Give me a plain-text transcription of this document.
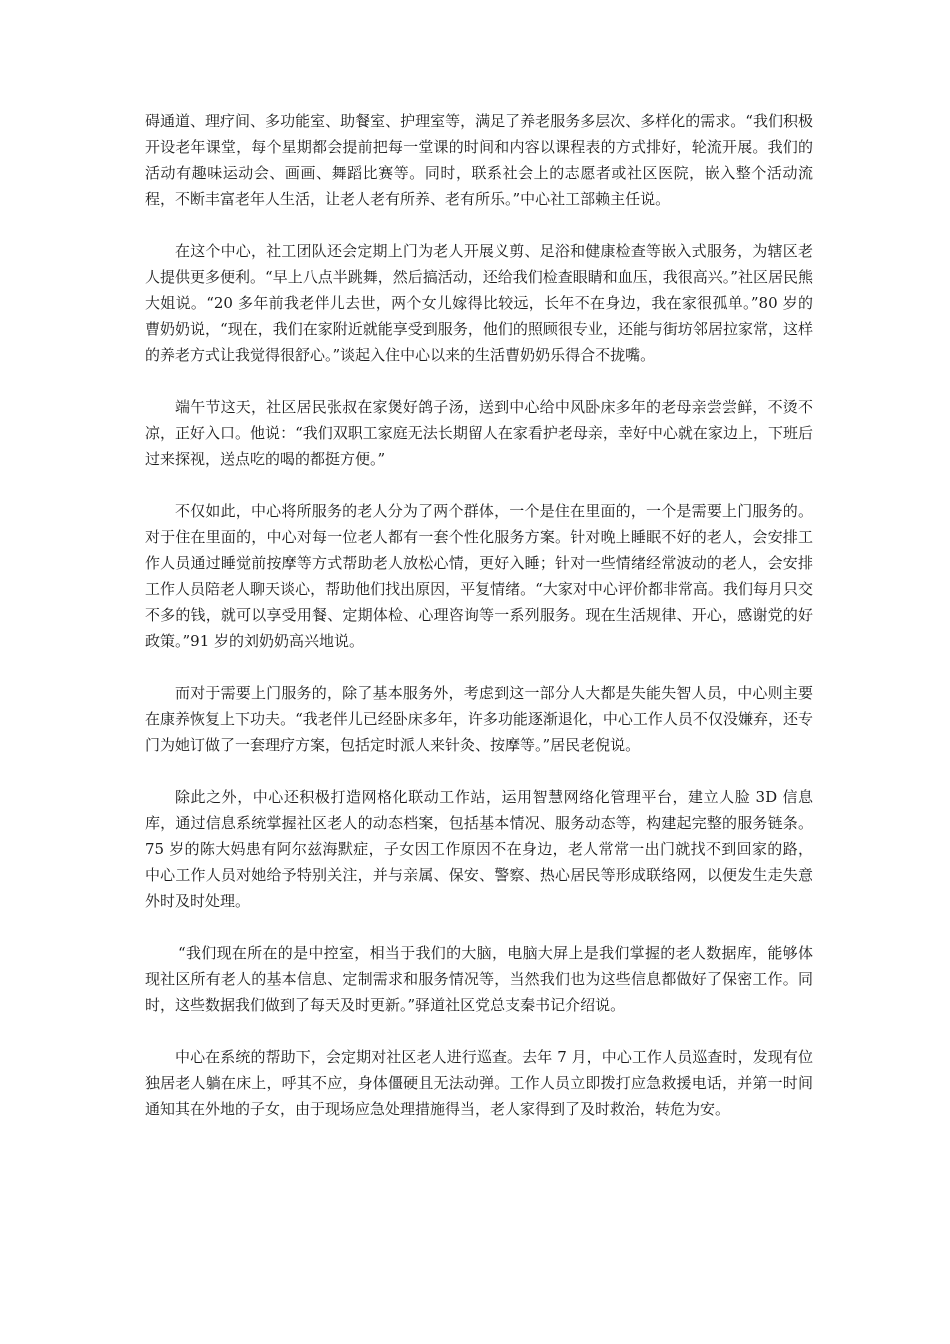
碍通道、理疗间、多功能室、助餐室、护理室等，满足了养老服务多层次、多样化的需求。“我们积极开设老年课堂，每个星期都会提前把每一堂课的时间和内容以课程表的方式排好，轮流开展。我们的活动有趣味运动会、画画、舞蹈比赛等。同时，联系社会上的志愿者或社区医院，嵌入整个活动流程，不断丰富老年人生活，让老人老有所养、老有所乐。”中心社工部赖主任说。

在这个中心，社工团队还会定期上门为老人开展义剪、足浴和健康检查等嵌入式服务，为辖区老人提供更多便利。“早上八点半跳舞，然后搞活动，还给我们检查眼睛和血压，我很高兴。”社区居民熊大姐说。“20 多年前我老伴儿去世，两个女儿嫁得比较远，长年不在身边，我在家很孤单。”80 岁的曹奶奶说，“现在，我们在家附近就能享受到服务，他们的照顾很专业，还能与街坊邻居拉家常，这样的养老方式让我觉得很舒心。”谈起入住中心以来的生活曹奶奶乐得合不拢嘴。

端午节这天，社区居民张叔在家煲好鸽子汤，送到中心给中风卧床多年的老母亲尝尝鲜，不烫不凉，正好入口。他说：“我们双职工家庭无法长期留人在家看护老母亲，幸好中心就在家边上，下班后过来探视，送点吃的喝的都挺方便。”

不仅如此，中心将所服务的老人分为了两个群体，一个是住在里面的，一个是需要上门服务的。对于住在里面的，中心对每一位老人都有一套个性化服务方案。针对晚上睡眠不好的老人，会安排工作人员通过睡觉前按摩等方式帮助老人放松心情，更好入睡；针对一些情绪经常波动的老人，会安排工作人员陪老人聊天谈心，帮助他们找出原因，平复情绪。“大家对中心评价都非常高。我们每月只交不多的钱，就可以享受用餐、定期体检、心理咨询等一系列服务。现在生活规律、开心，感谢党的好政策。”91 岁的刘奶奶高兴地说。

而对于需要上门服务的，除了基本服务外，考虑到这一部分人大都是失能失智人员，中心则主要在康养恢复上下功夫。“我老伴儿已经卧床多年，许多功能逐渐退化，中心工作人员不仅没嫌弃，还专门为她订做了一套理疗方案，包括定时派人来针灸、按摩等。”居民老倪说。

除此之外，中心还积极打造网格化联动工作站，运用智慧网络化管理平台，建立人脸 3D 信息库，通过信息系统掌握社区老人的动态档案，包括基本情况、服务动态等，构建起完整的服务链条。75 岁的陈大妈患有阿尔兹海默症，子女因工作原因不在身边，老人常常一出门就找不到回家的路，中心工作人员对她给予特别关注，并与亲属、保安、警察、热心居民等形成联络网，以便发生走失意外时及时处理。

“我们现在所在的是中控室，相当于我们的大脑，电脑大屏上是我们掌握的老人数据库，能够体现社区所有老人的基本信息、定制需求和服务情况等，当然我们也为这些信息都做好了保密工作。同时，这些数据我们做到了每天及时更新。”驿道社区党总支秦书记介绍说。

中心在系统的帮助下，会定期对社区老人进行巡查。去年 7 月，中心工作人员巡查时，发现有位独居老人躺在床上，呼其不应，身体僵硬且无法动弹。工作人员立即拨打应急救援电话，并第一时间通知其在外地的子女，由于现场应急处理措施得当，老人家得到了及时救治，转危为安。
